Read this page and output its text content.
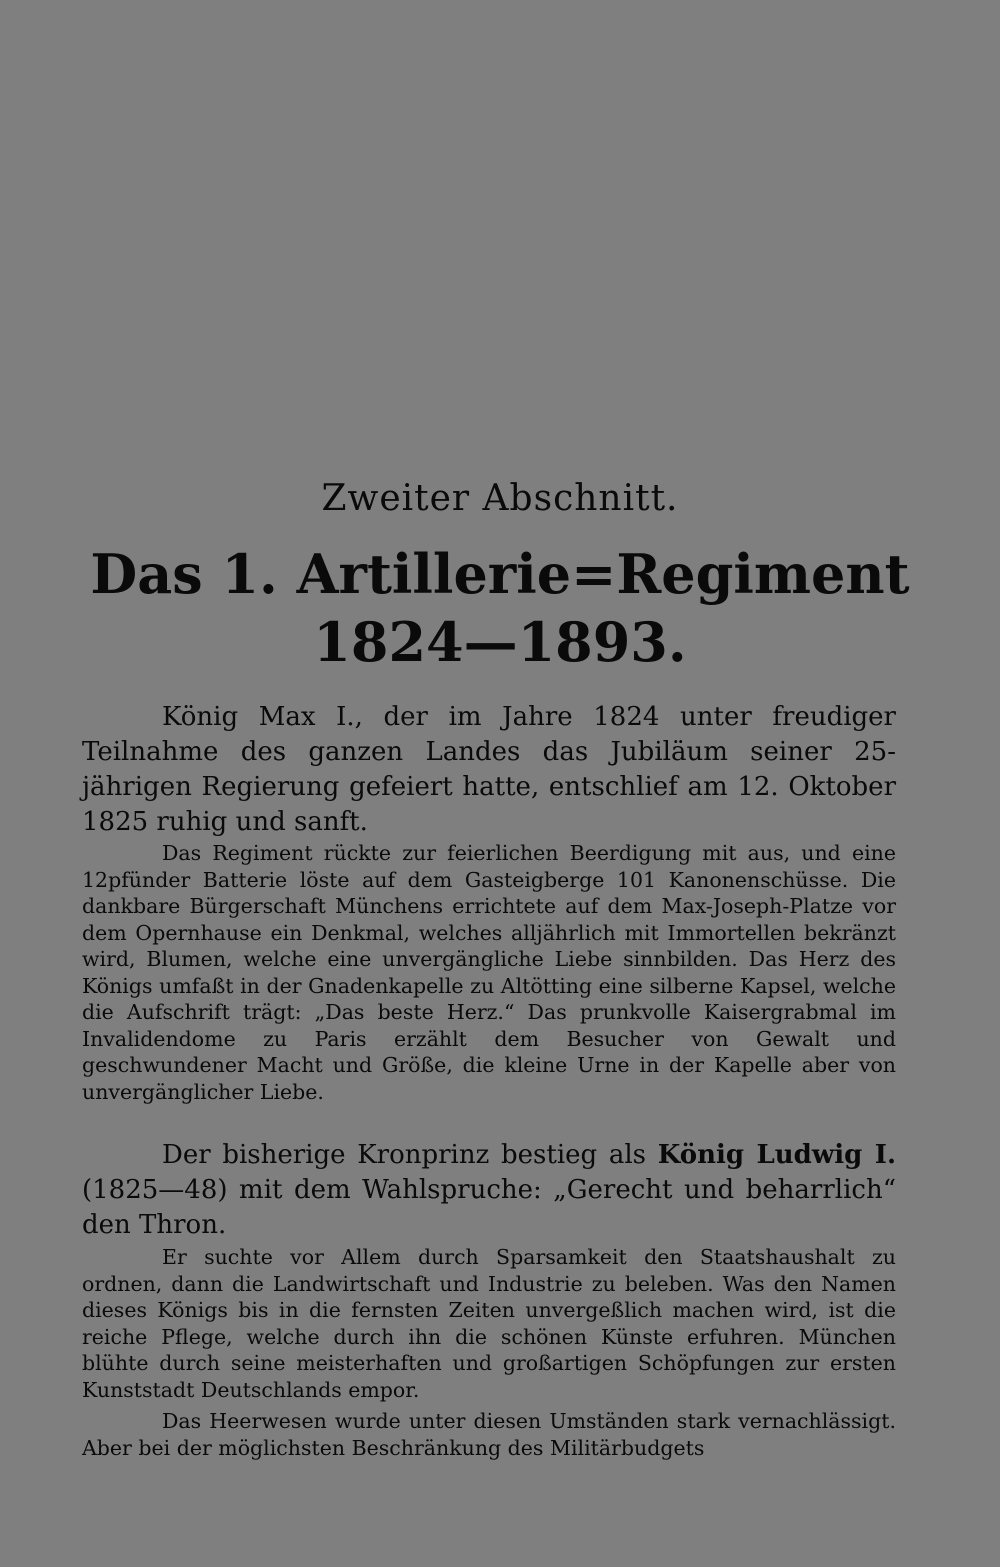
Zweiter Abschnitt.
Das 1. Artillerie=Regiment
1824—1893.

König Max I., der im Jahre 1824 unter freudiger Teilnahme des ganzen Landes das Jubiläum seiner 25-jährigen Regierung gefeiert hatte, entschlief am 12. Oktober 1825 ruhig und sanft.

Das Regiment rückte zur feierlichen Beerdigung mit aus, und eine 12pfünder Batterie löste auf dem Gasteigberge 101 Kanonenschüsse. Die dankbare Bürgerschaft Münchens errichtete auf dem Max-Joseph-Platze vor dem Opernhause ein Denkmal, welches alljährlich mit Immortellen bekränzt wird, Blumen, welche eine unvergängliche Liebe sinnbilden. Das Herz des Königs umfaßt in der Gnadenkapelle zu Altötting eine silberne Kapsel, welche die Aufschrift trägt: „Das beste Herz.“ Das prunkvolle Kaisergrabmal im Invalidendome zu Paris erzählt dem Besucher von Gewalt und geschwundener Macht und Größe, die kleine Urne in der Kapelle aber von unvergänglicher Liebe.

Der bisherige Kronprinz bestieg als König Ludwig I. (1825—48) mit dem Wahlspruche: „Gerecht und beharrlich“ den Thron.

Er suchte vor Allem durch Sparsamkeit den Staatshaushalt zu ordnen, dann die Landwirtschaft und Industrie zu beleben. Was den Namen dieses Königs bis in die fernsten Zeiten unvergeßlich machen wird, ist die reiche Pflege, welche durch ihn die schönen Künste erfuhren. München blühte durch seine meisterhaften und großartigen Schöpfungen zur ersten Kunststadt Deutschlands empor.

Das Heerwesen wurde unter diesen Umständen stark vernachlässigt. Aber bei der möglichsten Beschränkung des Militärbudgets
